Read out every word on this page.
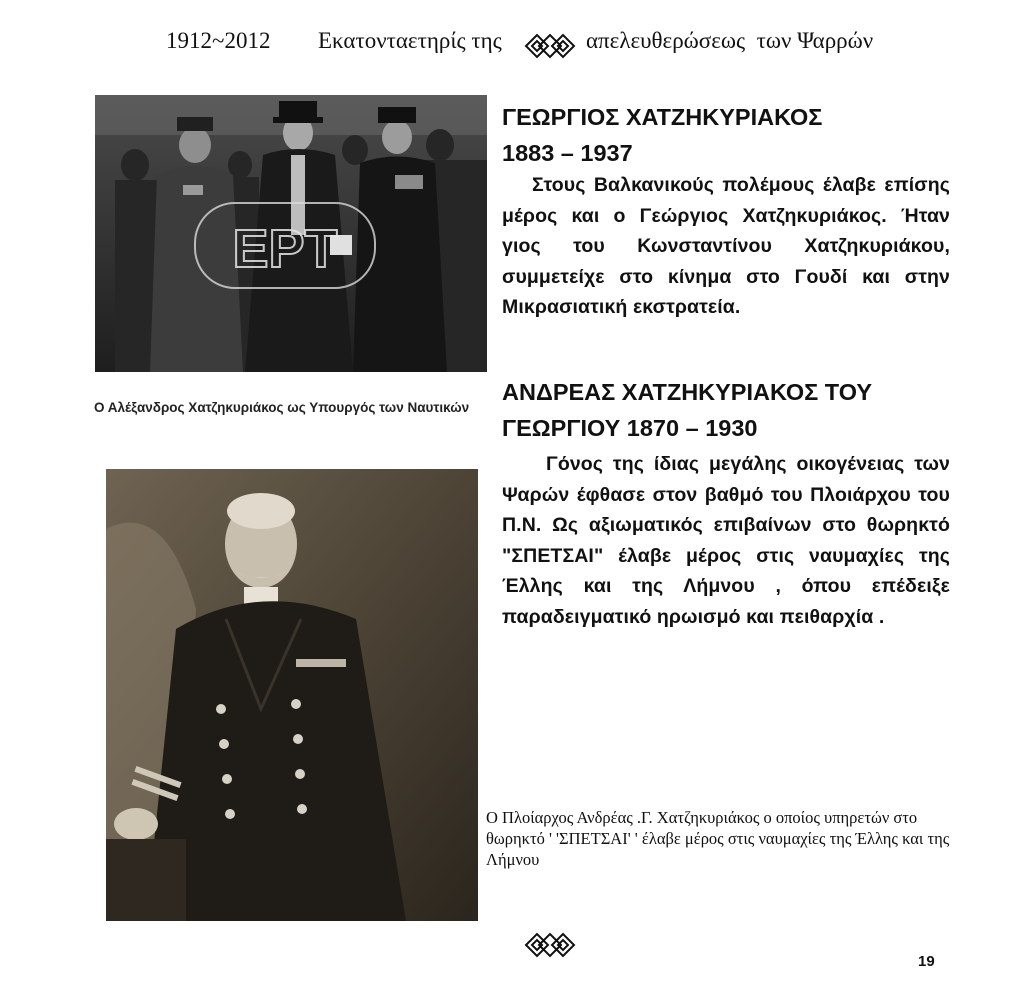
1912~2012 Εκατονταετηρίς της	απελευθερώσεως  των Ψαρρών
ΕΡΤ
Ο Αλέξανδρος Χατζηκυριάκος ως Υπουργός των Ναυτικών
ΓΕΩΡΓΙΟΣ ΧΑΤΖΗΚΥΡΙΑΚΟΣ
1883 – 1937
Στους Βαλκανικούς πολέμους έλαβε επίσης μέρος και ο Γεώργιος Χατζηκυριάκος. Ήταν γιος του Κωνσταντίνου Χατζηκυριάκου, συμμετείχε στο κίνημα στο Γουδί και στην Μικρασιατική εκστρατεία.
ΑΝΔΡΕΑΣ ΧΑΤΖΗΚΥΡΙΑΚΟΣ ΤΟΥ
ΓΕΩΡΓΙΟΥ 1870 – 1930
Γόνος της ίδιας μεγάλης οικογένειας των Ψαρών έφθασε στον βαθμό του Πλοιάρχου του Π.Ν. Ως αξιωματικός επιβαίνων στο θωρηκτό "ΣΠΕΤΣΑΙ" έλαβε μέρος στις ναυμαχίες της Έλλης και της Λήμνου , όπου επέδειξε παραδειγματικό ηρωισμό και πειθαρχία .
Ο Πλοίαρχος Ανδρέας .Γ. Χατζηκυριάκος ο οποίος υπηρετών στο θωρηκτό ' 'ΣΠΕΤΣΑΙ' ' έλαβε μέρος στις ναυμαχίες της Έλλης και της Λήμνου
19
